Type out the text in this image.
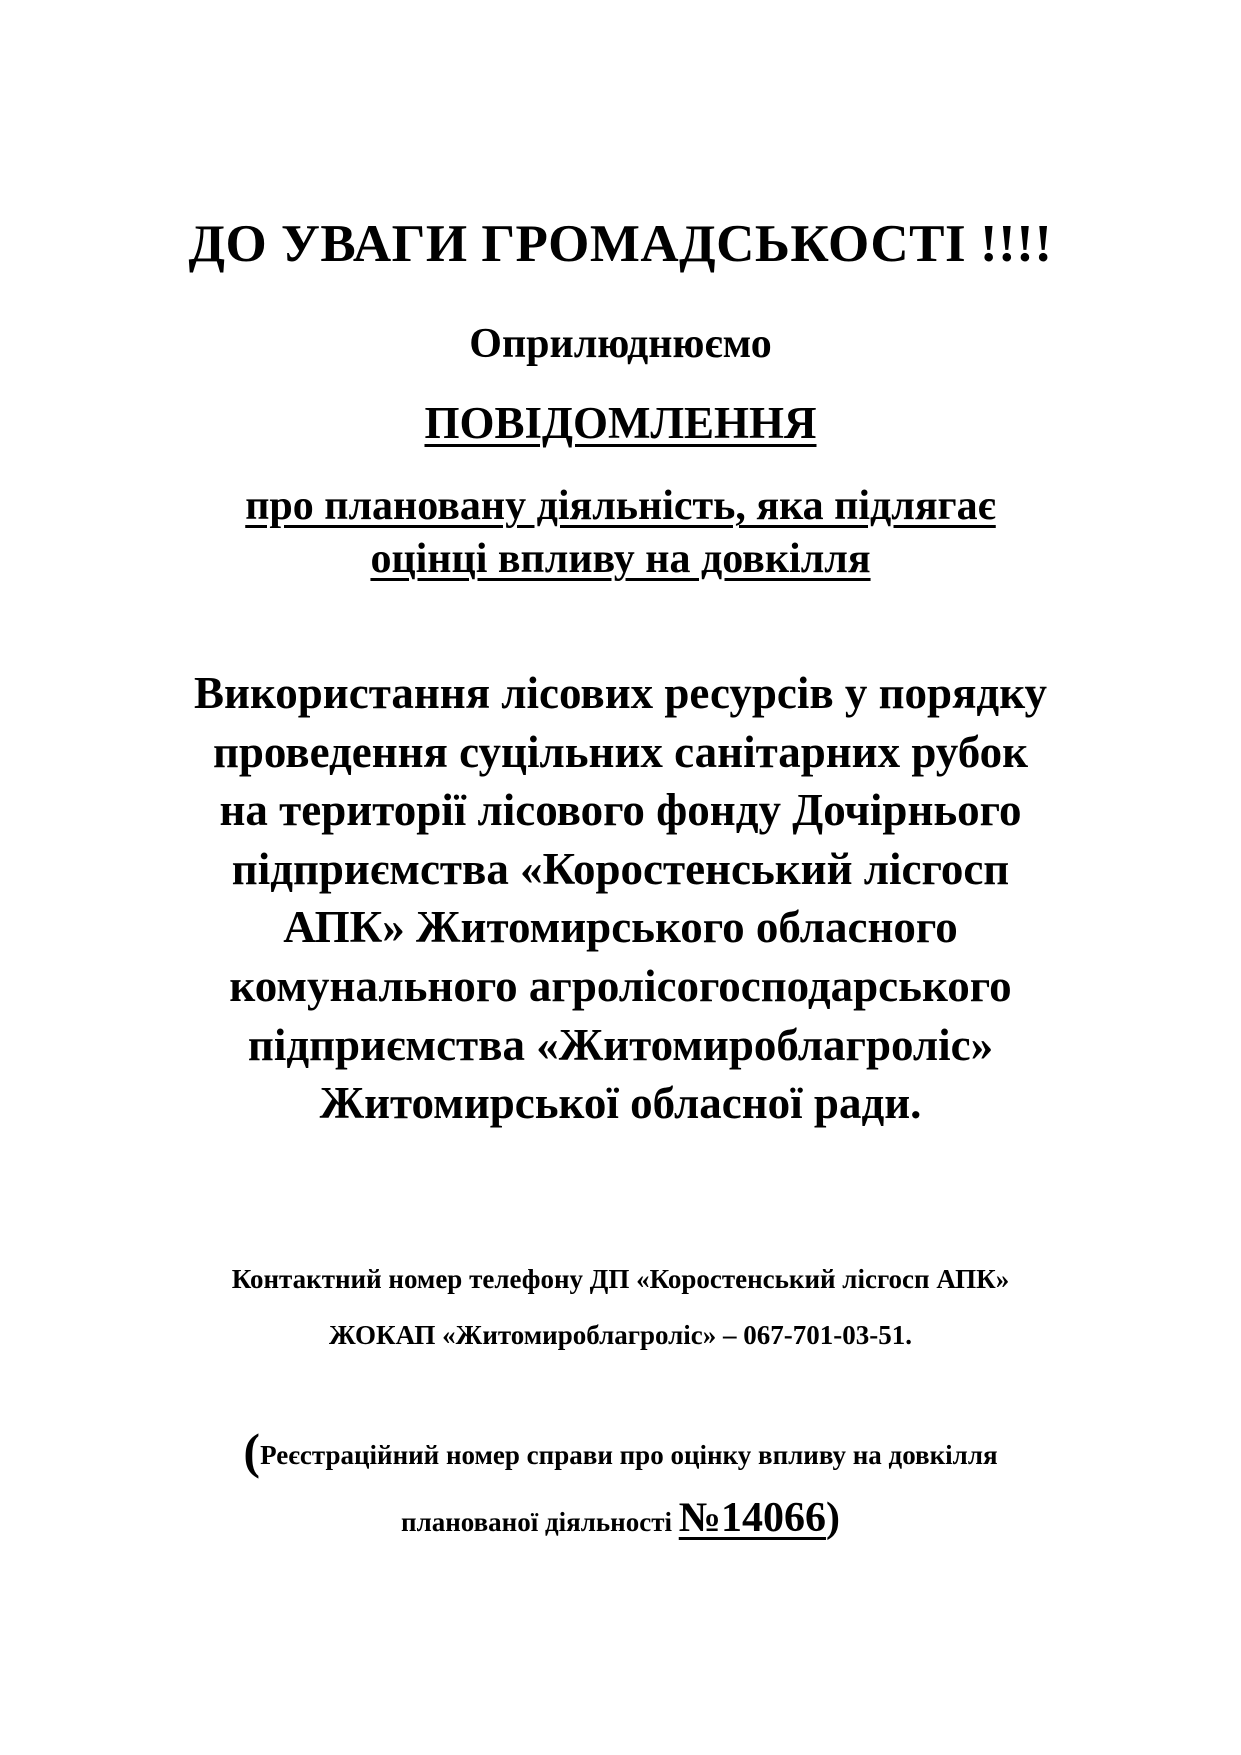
ДО УВАГИ ГРОМАДСЬКОСТІ !!!!
Оприлюднюємо
ПОВІДОМЛЕННЯ
про плановану діяльність, яка підлягає
оцінці впливу на довкілля
Використання лісових ресурсів у порядку
проведення суцільних санітарних рубок
на території лісового фонду Дочірнього
підприємства «Коростенський лісгосп
АПК» Житомирського обласного
комунального агролісогосподарського
підприємства «Житомироблагроліс»
Житомирської обласної ради.
Контактний номер телефону ДП «Коростенський лісгосп АПК»
ЖОКАП «Житомироблагроліс» – 067-701-03-51.
(Реєстраційний номер справи про оцінку впливу на довкілля
планованої діяльності №14066)
